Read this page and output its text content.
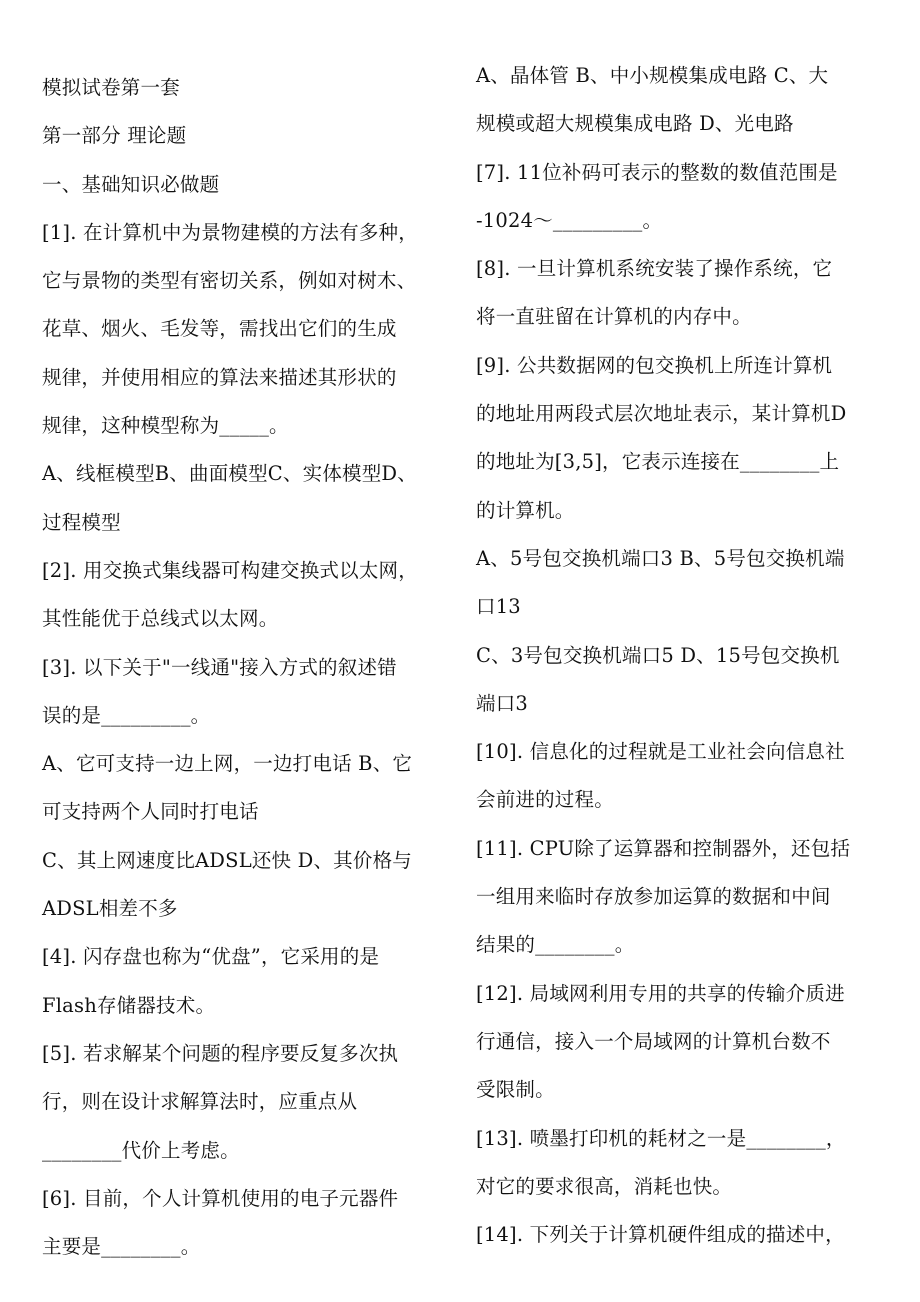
模拟试卷第一套
第一部分 理论题
一、基础知识必做题
[1]. 在计算机中为景物建模的方法有多种，
它与景物的类型有密切关系，例如对树木、
花草、烟火、毛发等，需找出它们的生成
规律，并使用相应的算法来描述其形状的
规律，这种模型称为_____。
A、线框模型B、曲面模型C、实体模型D、
过程模型
[2]. 用交换式集线器可构建交换式以太网，
其性能优于总线式以太网。
[3]. 以下关于"一线通"接入方式的叙述错
误的是_________。
A、它可支持一边上网，一边打电话 B、它
可支持两个人同时打电话
C、其上网速度比ADSL还快 D、其价格与
ADSL相差不多
[4]. 闪存盘也称为“优盘”，它采用的是
Flash存储器技术。
[5]. 若求解某个问题的程序要反复多次执
行，则在设计求解算法时，应重点从
________代价上考虑。
[6]. 目前，个人计算机使用的电子元器件
主要是________。
A、晶体管 B、中小规模集成电路 C、大
规模或超大规模集成电路 D、光电路
[7]. 11位补码可表示的整数的数值范围是
-1024～_________。
[8]. 一旦计算机系统安装了操作系统，它
将一直驻留在计算机的内存中。
[9]. 公共数据网的包交换机上所连计算机
的地址用两段式层次地址表示，某计算机D
的地址为[3,5]，它表示连接在________上
的计算机。
A、5号包交换机端口3 B、5号包交换机端
口13
C、3号包交换机端口5 D、15号包交换机
端口3
[10]. 信息化的过程就是工业社会向信息社
会前进的过程。
[11]. CPU除了运算器和控制器外，还包括
一组用来临时存放参加运算的数据和中间
结果的________。
[12]. 局域网利用专用的共享的传输介质进
行通信，接入一个局域网的计算机台数不
受限制。
[13]. 喷墨打印机的耗材之一是________，
对它的要求很高，消耗也快。
[14]. 下列关于计算机硬件组成的描述中，
